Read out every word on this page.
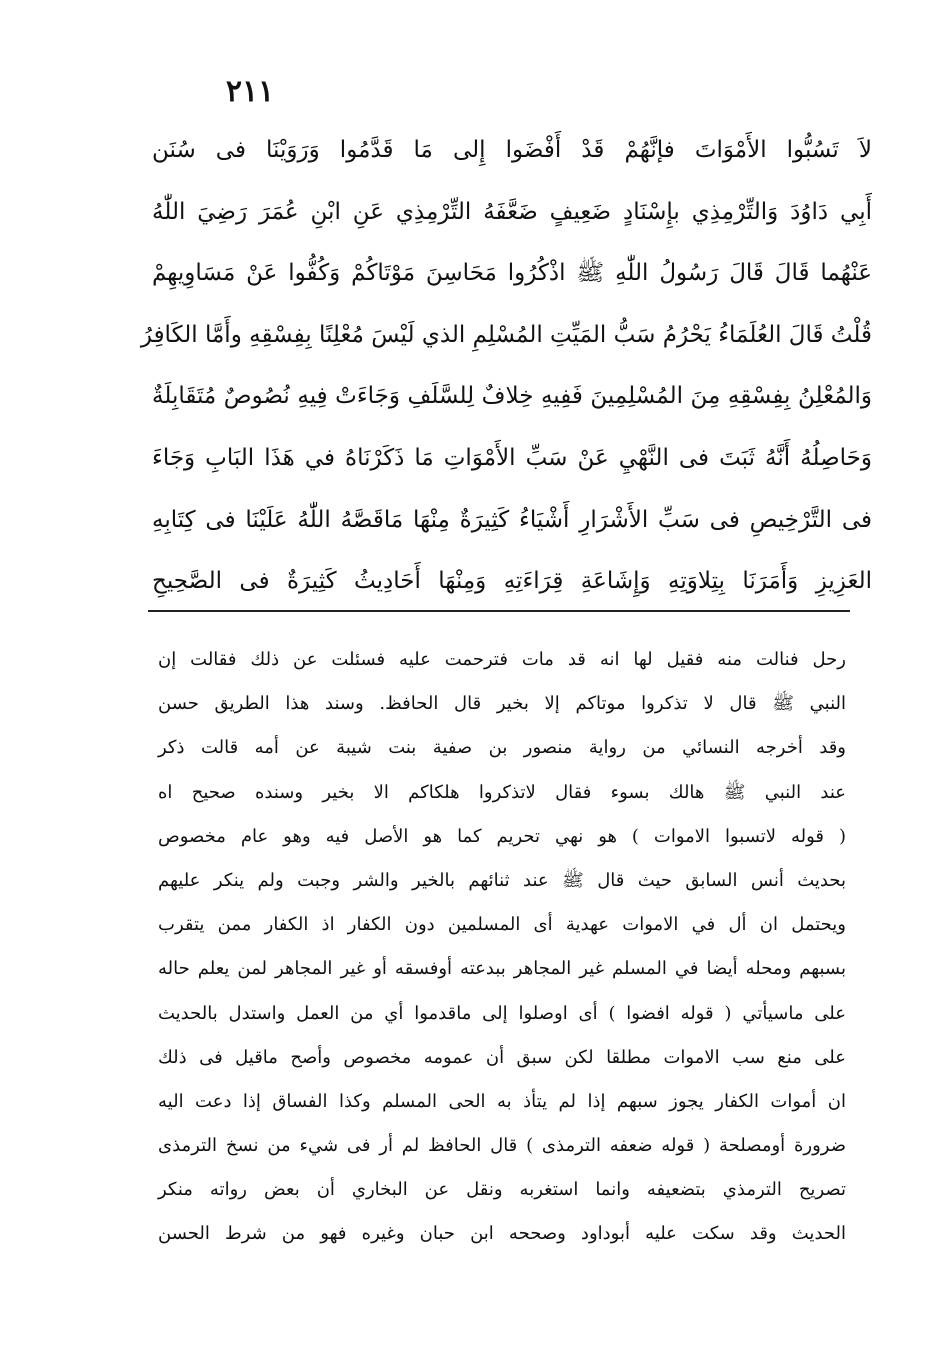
٢١١
لاَ تَسُبُّوا الأَمْوَاتَ فإنَّهُمْ قَدْ أَفْضَوا إِلى مَا قَدَّمُوا وَرَوَيْنَا فى سُنَن
أَبِي دَاوُدَ وَالتِّرْمِذِي بإِسْنَادٍ ضَعِيفٍ ضَعَّفَهُ التِّرْمِذِي عَنِ ابْنِ عُمَرَ رَضِيَ اللّٰهُ
عَنْهُما قَالَ قَالَ رَسُولُ اللّٰهِ ﷺ اذْكُرُوا مَحَاسِنَ مَوْتَاكُمْ وَكُفُّوا عَنْ مَسَاوِيهِمْ
قُلْتُ قَالَ العُلَمَاءُ يَحْرُمُ سَبُّ المَيِّتِ المُسْلِمِ الذي لَيْسَ مُعْلِنًا بِفِسْقِهِ وأَمَّا الكَافِرُ
وَالمُعْلِنُ بِفِسْقِهِ مِنَ المُسْلِمِينَ فَفِيهِ خِلافٌ لِلسَّلَفِ وَجَاءَتْ فِيهِ نُصُوصٌ مُتَقَابِلَةٌ
وَحَاصِلُهُ أَنَّهُ ثَبَتَ فى النَّهْيِ عَنْ سَبِّ الأَمْوَاتِ مَا ذَكَرْنَاهُ في هَذَا البَابِ وَجَاءَ
فى التَّرْخِيصِ فى سَبِّ الأَشْرَارِ أَشْيَاءُ كَثِيرَةٌ مِنْهَا مَاقَصَّهُ اللّٰهُ عَلَيْنَا فى كِتَابِهِ
العَزِيزِ وَأَمَرَنَا بِتِلاوَتِهِ وَإِشَاعَةِ قِرَاءَتِهِ وَمِنْهَا أَحَادِيثُ كَثِيرَةٌ فى الصَّحِيحِ
رحل فنالت منه فقيل لها انه قد مات فترحمت عليه فسئلت عن ذلك فقالت إن
النبي ﷺ قال لا تذكروا موتاكم إلا بخير قال الحافظ. وسند هذا الطريق حسن
وقد أخرجه النسائي من رواية منصور بن صفية بنت شيبة عن أمه قالت ذكر
عند النبي ﷺ هالك بسوء فقال لاتذكروا هلكاكم الا بخير وسنده صحيح اه
( قوله لاتسبوا الاموات ) هو نهي تحريم كما هو الأصل فيه وهو عام مخصوص
بحديث أنس السابق حيث قال ﷺ عند ثنائهم بالخير والشر وجبت ولم ينكر عليهم
ويحتمل ان أل في الاموات عهدية أى المسلمين دون الكفار اذ الكفار ممن يتقرب
بسبهم ومحله أيضا في المسلم غير المجاهر ببدعته أوفسقه أو غير المجاهر لمن يعلم حاله
على ماسيأتي ( قوله افضوا ) أى اوصلوا إلى ماقدموا أي من العمل واستدل بالحديث
على منع سب الاموات مطلقا لكن سبق أن عمومه مخصوص وأصح ماقيل فى ذلك
ان أموات الكفار يجوز سبهم إذا لم يتأذ به الحى المسلم وكذا الفساق إذا دعت اليه
ضرورة أومصلحة ( قوله ضعفه الترمذى ) قال الحافظ لم أر فى شيء من نسخ الترمذى
تصريح الترمذي بتضعيفه وانما استغربه ونقل عن البخاري أن بعض رواته منكر
الحديث وقد سكت عليه أبوداود وصححه ابن حبان وغيره فهو من شرط الحسن
